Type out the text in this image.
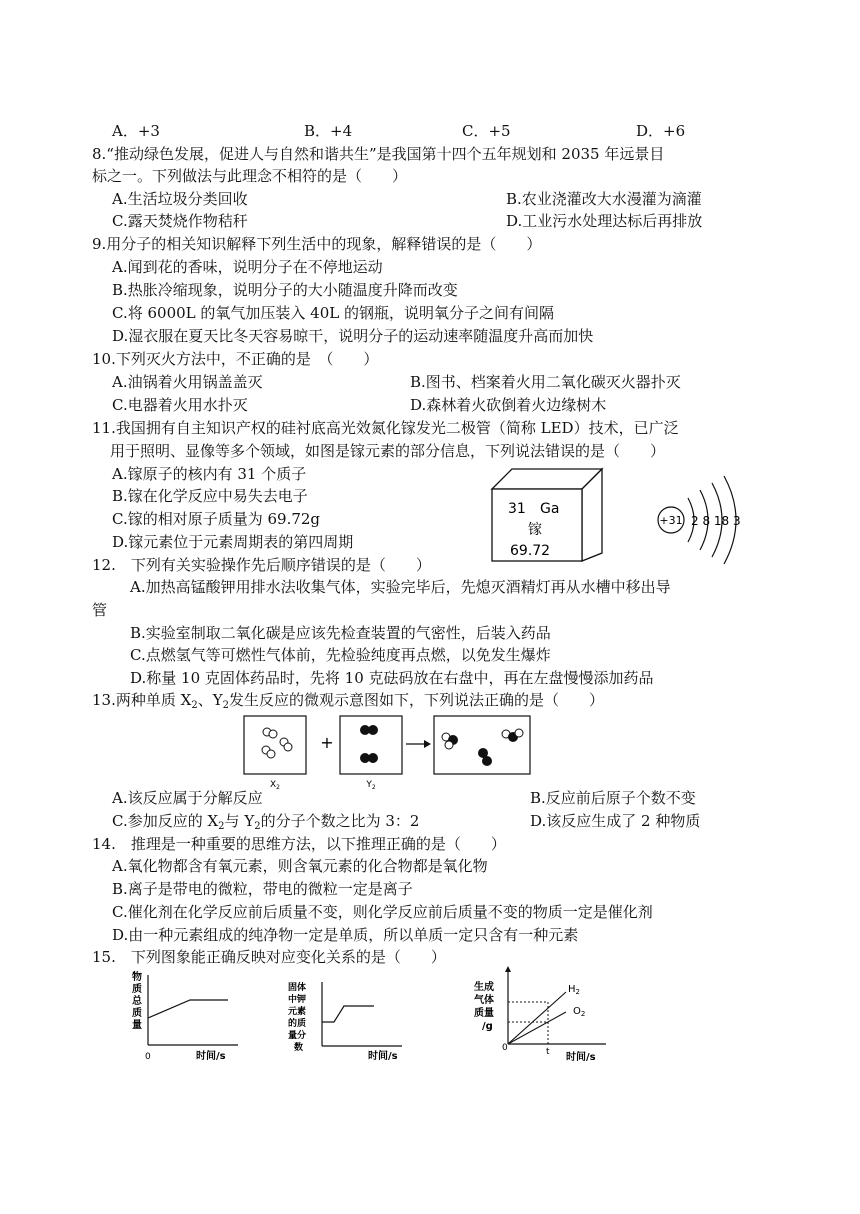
A．+3	B．+4	C．+5	D．+6
8.“推动绿色发展，促进人与自然和谐共生”是我国第十四个五年规划和 2035 年远景目
标之一。下列做法与此理念不相符的是（　　）
A.生活垃圾分类回收	B.农业浇灌改大水漫灌为滴灌
C.露天焚烧作物秸秆	D.工业污水处理达标后再排放
9.用分子的相关知识解释下列生活中的现象，解释错误的是（　　）
A.闻到花的香味，说明分子在不停地运动
B.热胀冷缩现象，说明分子的大小随温度升降而改变
C.将 6000L 的氧气加压装入 40L 的钢瓶，说明氧分子之间有间隔
D.湿衣服在夏天比冬天容易晾干，说明分子的运动速率随温度升高而加快
10.下列灭火方法中，不正确的是　（　　）
A.油锅着火用锅盖盖灭	B.图书、档案着火用二氧化碳灭火器扑灭
C.电器着火用水扑灭	D.森林着火砍倒着火边缘树木
11.我国拥有自主知识产权的硅衬底高光效氮化镓发光二极管（简称 LED）技术，已广泛
用于照明、显像等多个领域，如图是镓元素的部分信息，下列说法错误的是（　　）
A.镓原子的核内有 31 个质子
B.镓在化学反应中易失去电子
C.镓的相对原子质量为 69.72g
D.镓元素位于元素周期表的第四周期
31 Ga
镓
69.72
+31 2 8 18 3
12.　下列有关实验操作先后顺序错误的是（　　）
A.加热高锰酸钾用排水法收集气体，实验完毕后，先熄灭酒精灯再从水槽中移出导
管
B.实验室制取二氧化碳是应该先检查装置的气密性，后装入药品
C.点燃氢气等可燃性气体前，先检验纯度再点燃，以免发生爆炸
D.称量 10 克固体药品时，先将 10 克砝码放在右盘中，再在左盘慢慢添加药品
13.两种单质 $X_2$、$Y_2$发生反应的微观示意图如下，下列说法正确的是（　　）
$X_2$
+
$Y_2$
A.该反应属于分解反应	B.反应前后原子个数不变
C.参加反应的 $X_2$与 $Y_2$的分子个数之比为 3：2	D.该反应生成了 2 种物质
14.　推理是一种重要的思维方法，以下推理正确的是（　　）
A.氧化物都含有氧元素，则含氧元素的化合物都是氧化物
B.离子是带电的微粒，带电的微粒一定是离子
C.催化剂在化学反应前后质量不变，则化学反应前后质量不变的物质一定是催化剂
D.由一种元素组成的纯净物一定是单质，所以单质一定只含有一种元素
15.　下列图象能正确反映对应变化关系的是（　　）
物
质
总
质
量
0	时间/s
固体
中钾
元素
的质
量分
数
时间/s
生成
气体
质量
/g
$H_2$
$O_2$
0	t 时间/s
